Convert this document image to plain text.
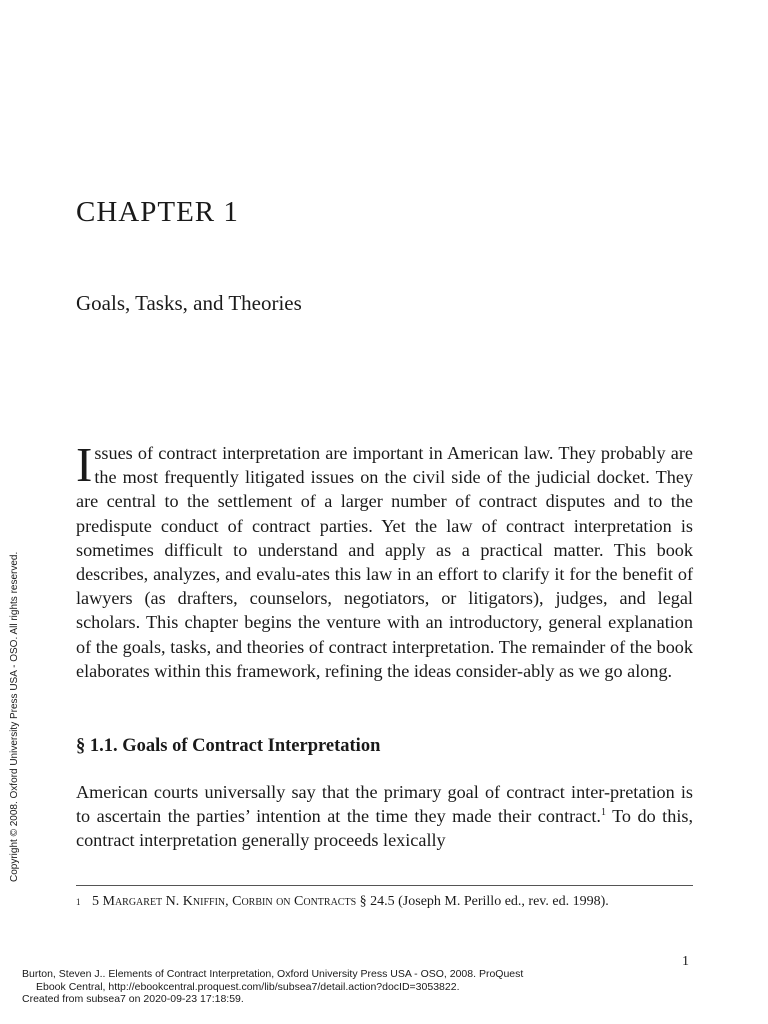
CHAPTER 1
Goals, Tasks, and Theories

Issues of contract interpretation are important in American law. They probably are the most frequently litigated issues on the civil side of the judicial docket. They are central to the settlement of a larger number of contract disputes and to the predispute conduct of contract parties. Yet the law of contract interpretation is sometimes difficult to understand and apply as a practical matter. This book describes, analyzes, and evalu-ates this law in an effort to clarify it for the benefit of lawyers (as drafters, counselors, negotiators, or litigators), judges, and legal scholars. This chapter begins the venture with an introductory, general explanation of the goals, tasks, and theories of contract interpretation. The remainder of the book elaborates within this framework, refining the ideas consider-ably as we go along.

§ 1.1. Goals of Contract Interpretation

American courts universally say that the primary goal of contract inter-pretation is to ascertain the parties’ intention at the time they made their contract.$^1$ To do this, contract interpretation generally proceeds lexically

1 5 Margaret N. Kniffin, Corbin on Contracts § 24.5 (Joseph M. Perillo ed., rev. ed. 1998).
1
Copyright © 2008. Oxford University Press USA - OSO. All rights reserved.
Burton, Steven J.. Elements of Contract Interpretation, Oxford University Press USA - OSO, 2008. ProQuest
Ebook Central, http://ebookcentral.proquest.com/lib/subsea7/detail.action?docID=3053822.
Created from subsea7 on 2020-09-23 17:18:59.
